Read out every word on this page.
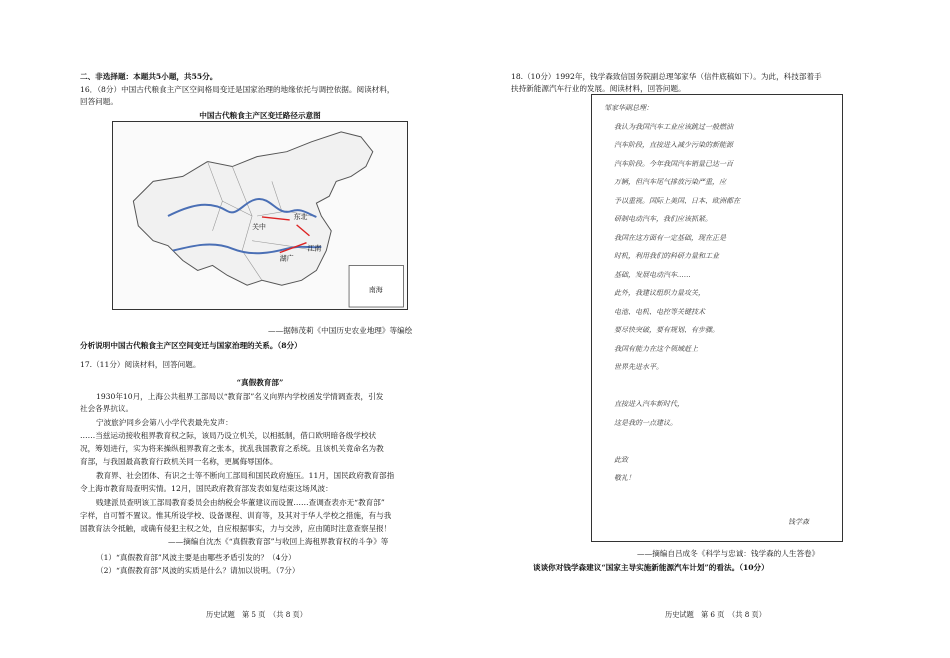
二、非选择题：本题共5小题，共55分。
16．（8分）中国古代粮食主产区空间格局变迁是国家治理的地缘依托与调控依据。阅读材料，
回答问题。
中国古代粮食主产区变迁路径示意图
关中
东北
江南
湖广
南海
——据韩茂莉《中国历史农业地理》等编绘
分析说明中国古代粮食主产区空间变迁与国家治理的关系。（8分）
17.（11分）阅读材料，回答问题。
“真假教育部”
1930年10月，上海公共租界工部局以“教育部”名义向界内学校函发学情调查表，引发
社会各界抗议。
宁波旅沪同乡会第八小学代表最先发声：
……当兹运动接收租界教育权之际，该局乃设立机关，以相抵制，借口欧明暗各级学校状
况，筹划进行，实为将来操纵租界教育之张本，扰乱我国教育之系统。且该机关竟命名为教
育部，与我国最高教育行政机关同一名称，更属侮辱国体。
教育界、社会团体、有识之士等不断向工部局和国民政府施压。11月，国民政府教育部指
令上海市教育局查明实情。12月，国民政府教育部发表如复结束这场风波：
贱建派员查明该工部局教育委员会由纳税会华董建议而设置……查调查表亦无“教育部”
字样，自可暂不置议。惟其所设学校、设备课程、训育等，及其对于华人学校之措施，有与我
国教育法令抵触，或确有侵犯主权之处，自应根据事实，力与交涉，应由随时注意查察呈报！
——摘编自沈杰《“真假教育部”与收回上海租界教育权的斗争》等
（1）“真假教育部”风波主要是由哪些矛盾引发的？（4分）
（2）“真假教育部”风波的实质是什么？请加以说明。（7分）
历史试题　第 5 页　（共 8 页）
18.（10分）1992年，钱学森致信国务院副总理邹家华（信件底稿如下）。为此，科技部着手
扶持新能源汽车行业的发展。阅读材料，回答问题。
——摘编自吕成冬《科学与忠诚：钱学森的人生答卷》
谈谈你对钱学森建议“国家主导实施新能源汽车计划”的看法。（10分）
历史试题　第 6 页　（共 8 页）
邹家华副总理：
我认为我国汽车工业应该跳过一般燃油
汽车阶段，直接进入减少污染的新能源
汽车阶段。今年我国汽车销量已达一百
万辆，但汽车尾气排放污染严重，应
予以重视。国际上美国、日本、欧洲都在
研制电动汽车，我们应该抓紧。
我国在这方面有一定基础，现在正是
时机，利用我们的科研力量和工业
基础，发展电动汽车……
此外，我建议组织力量攻关，
电池、电机、电控等关键技术
要尽快突破，要有规划、有步骤。
我国有能力在这个领域赶上
世界先进水平。
直接进入汽车新时代，
这是我的一点建议。
此致
敬礼！
钱学森
